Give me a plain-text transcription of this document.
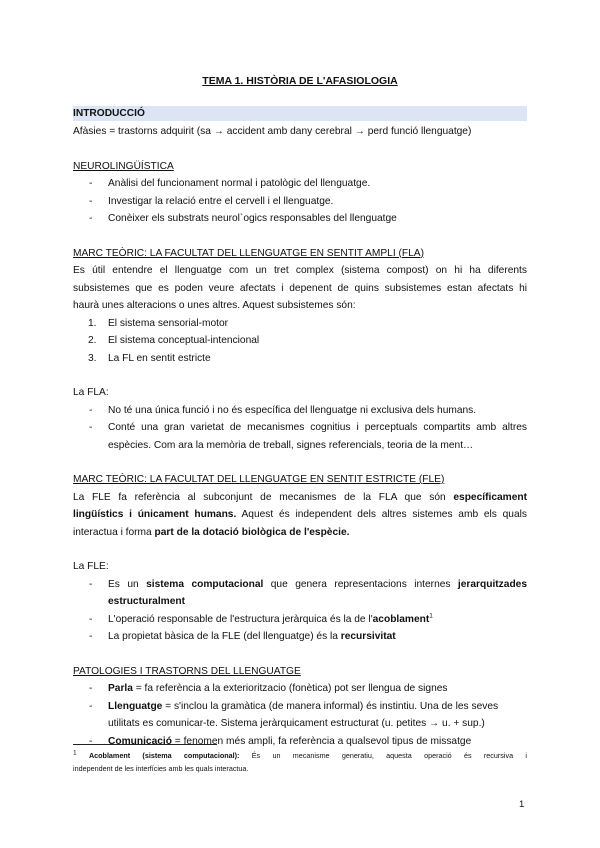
TEMA 1. HISTÒRIA DE L'AFASIOLOGIA
INTRODUCCIÓ
Afàsies = trastorns adquirit (sa → accident amb dany cerebral → perd funció llenguatge)
NEUROLINGÜÍSTICA
- Anàlisi del funcionament normal i patològic del llenguatge.
- Investigar la relació entre el cervell i el llenguatge.
- Conèixer els substrats neurol`ogics responsables del llenguatge
MARC TEÒRIC: LA FACULTAT DEL LLENGUATGE EN SENTIT AMPLI (FLA)
Es útil entendre el llenguatge com un tret complex (sistema compost) on hi ha diferents
subsistemes que es poden veure afectats i depenent de quins subsistemes estan afectats hi
haurà unes alteracions o unes altres. Aquest subsistemes són:
1. El sistema sensorial-motor
2. El sistema conceptual-intencional
3. La FL en sentit estricte
La FLA:
- No té una única funció i no és específica del llenguatge ni exclusiva dels humans.
- Conté una gran varietat de mecanismes cognitius i perceptuals compartits amb altres
espècies. Com ara la memòria de treball, signes referencials, teoria de la ment…
MARC TEÒRIC: LA FACULTAT DEL LLENGUATGE EN SENTIT ESTRICTE (FLE)
La FLE fa referència al subconjunt de mecanismes de la FLA que són específicament
lingüístics i únicament humans. Aquest és independent dels altres sistemes amb els quals
interactua i forma part de la dotació biològica de l'espècie.
La FLE:
- Es un sistema computacional que genera representacions internes jerarquitzades
estructuralment
- L'operació responsable de l'estructura jeràrquica és la de l'acoblament$^1$
- La propietat bàsica de la FLE (del llenguatge) és la recursivitat
PATOLOGIES I TRASTORNS DEL LLENGUATGE
- Parla = fa referència a la exterioritzacio (fonètica) pot ser llengua de signes
- Llenguatge = s'inclou la gramàtica (de manera informal) és instintiu. Una de les seves
utilitats es comunicar-te. Sistema jeràrquicament estructurat (u. petites → u. + sup.)
- Comunicació = fenomen més ampli, fa referència a qualsevol tipus de missatge
$^1$ Acoblament (sistema computacional): És un mecanisme generatiu, aquesta operació és recursiva i
independent de les interfícies amb les quals interactua.
1
